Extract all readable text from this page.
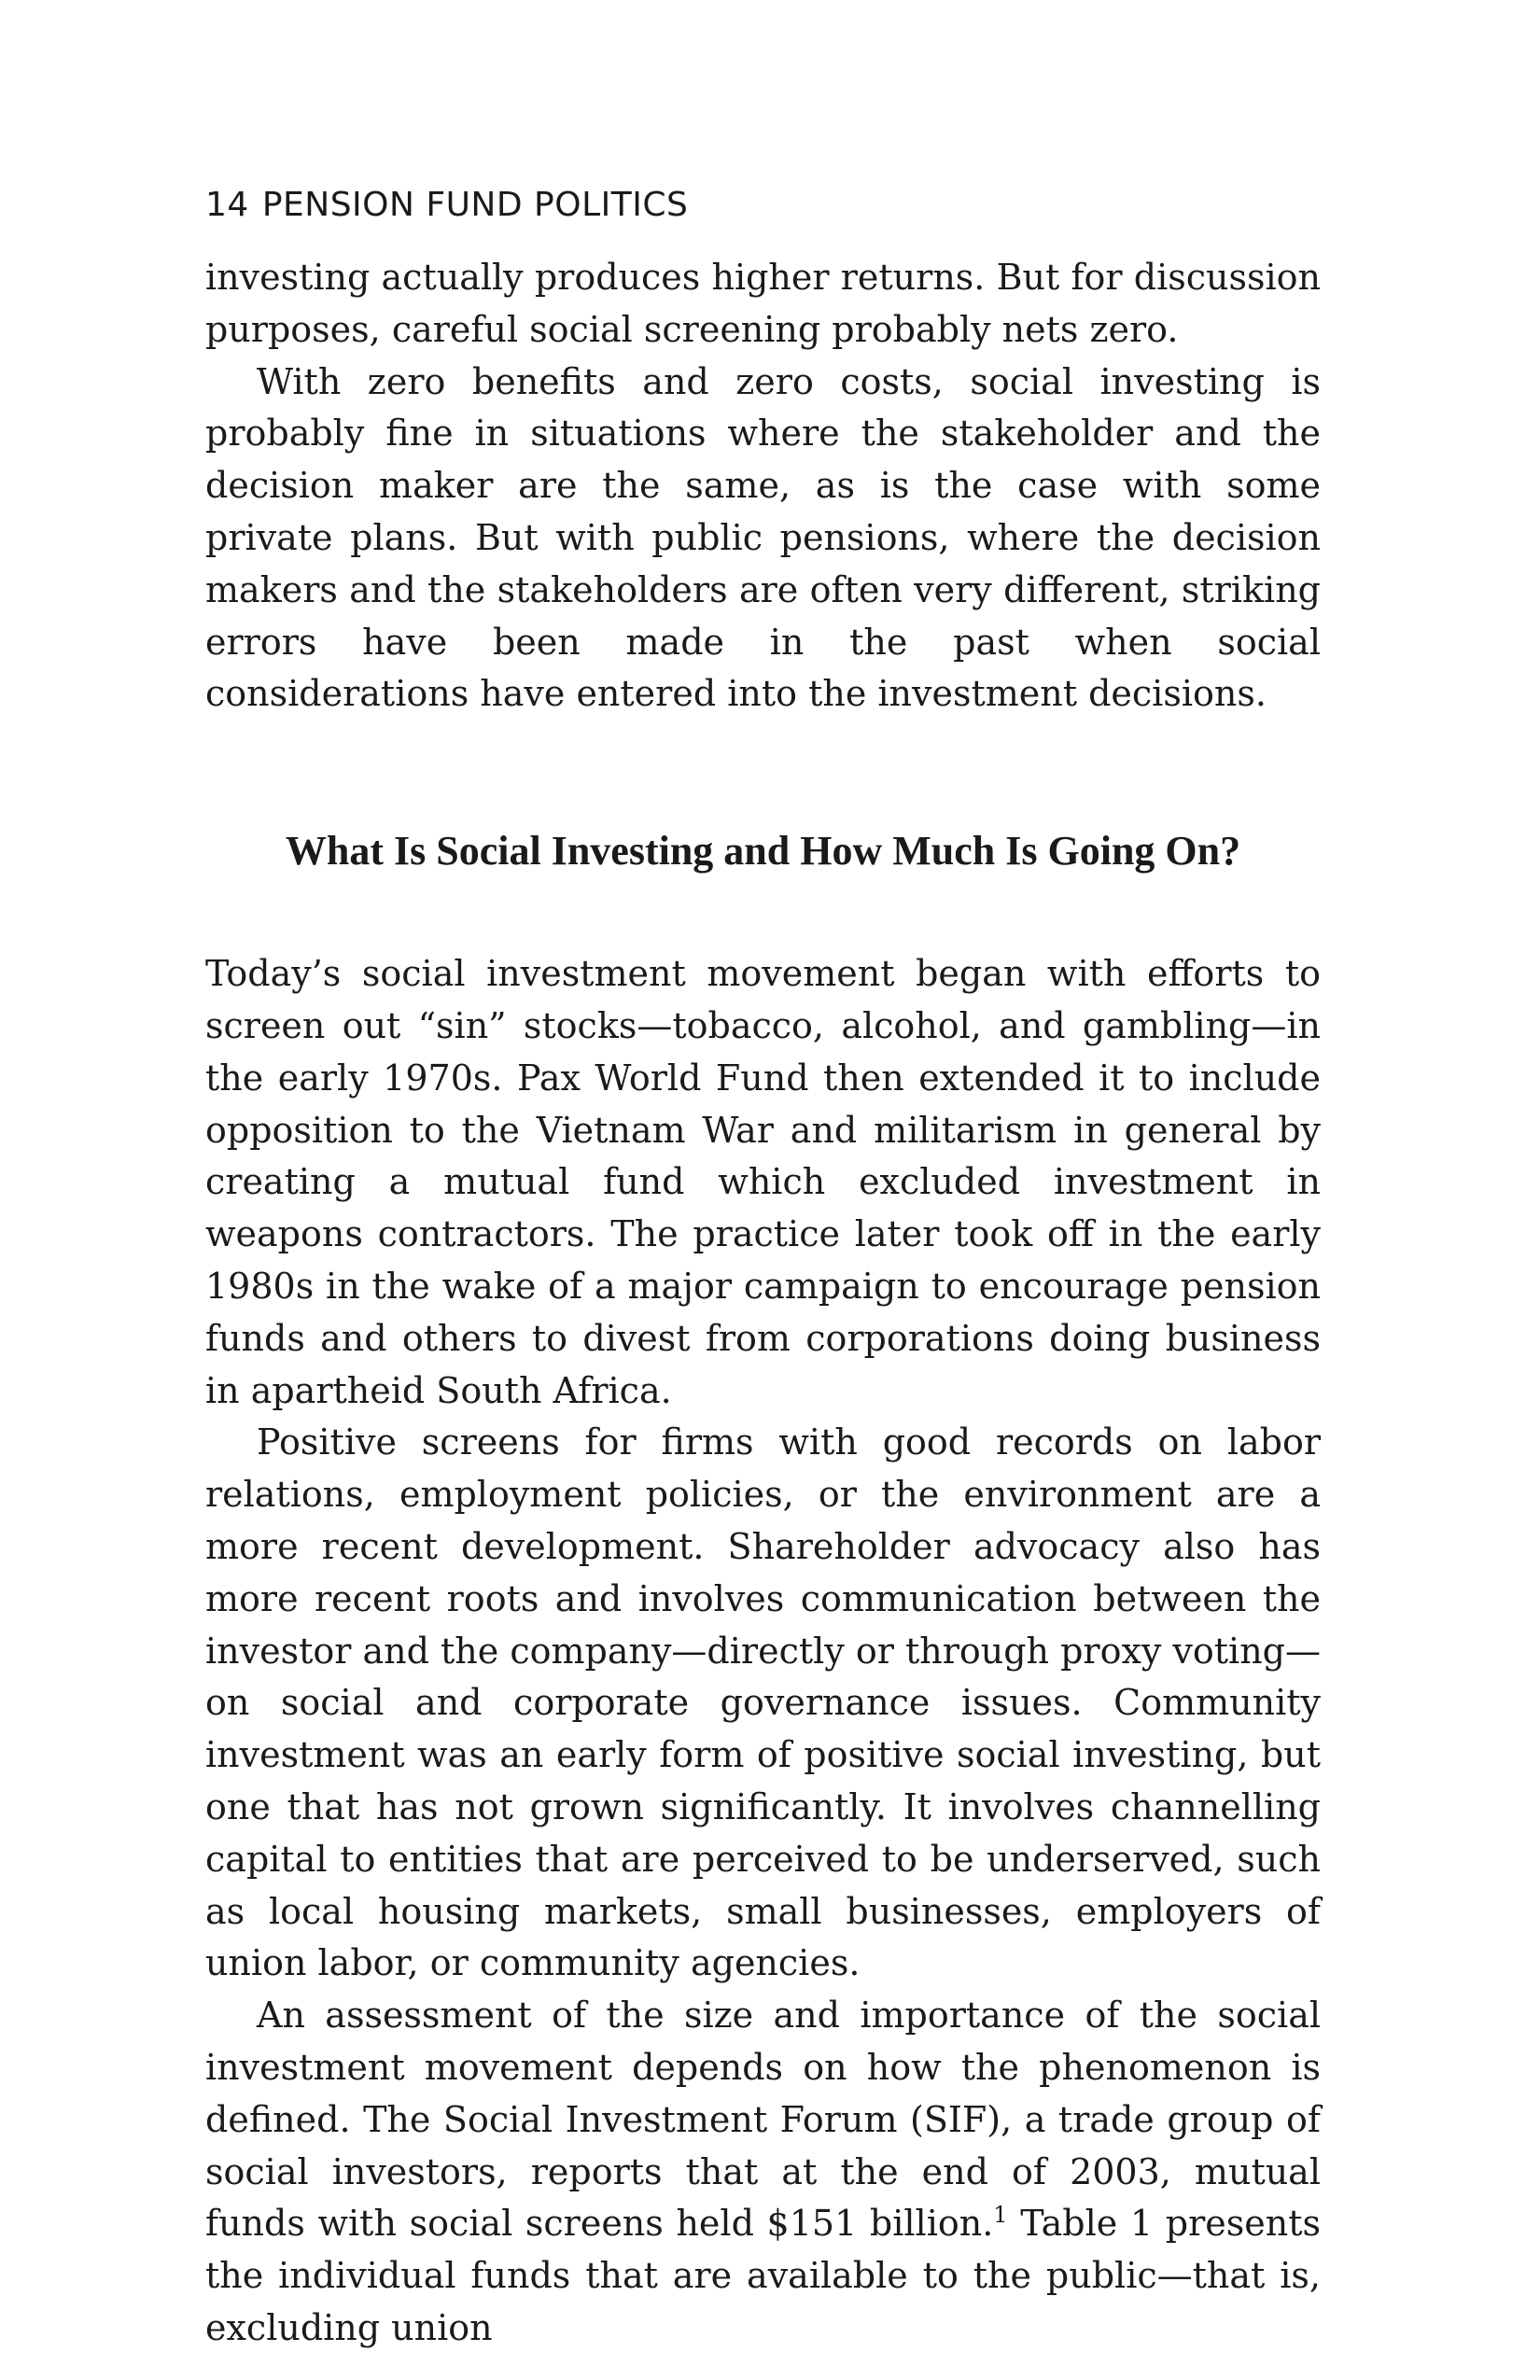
14 PENSION FUND POLITICS

investing actually produces higher returns. But for discussion purposes, careful social screening probably nets zero.

With zero benefits and zero costs, social investing is probably fine in situations where the stakeholder and the decision maker are the same, as is the case with some private plans. But with public pensions, where the decision makers and the stakeholders are often very different, striking errors have been made in the past when social considerations have entered into the investment decisions.

What Is Social Investing and How Much Is Going On?

Today’s social investment movement began with efforts to screen out “sin” stocks—tobacco, alcohol, and gambling—in the early 1970s. Pax World Fund then extended it to include opposition to the Vietnam War and militarism in general by creating a mutual fund which excluded investment in weapons contractors. The practice later took off in the early 1980s in the wake of a major campaign to encourage pension funds and others to divest from corporations doing business in apartheid South Africa.

Positive screens for firms with good records on labor relations, employment policies, or the environment are a more recent development. Shareholder advocacy also has more recent roots and involves communication between the investor and the company—directly or through proxy voting—on social and corporate governance issues. Community investment was an early form of positive social investing, but one that has not grown significantly. It involves channelling capital to entities that are perceived to be underserved, such as local housing markets, small businesses, employers of union labor, or community agencies.

An assessment of the size and importance of the social investment movement depends on how the phenomenon is defined. The Social Investment Forum (SIF), a trade group of social investors, reports that at the end of 2003, mutual funds with social screens held $151 billion.$^1$ Table 1 presents the individual funds that are available to the public—that is, excluding union
